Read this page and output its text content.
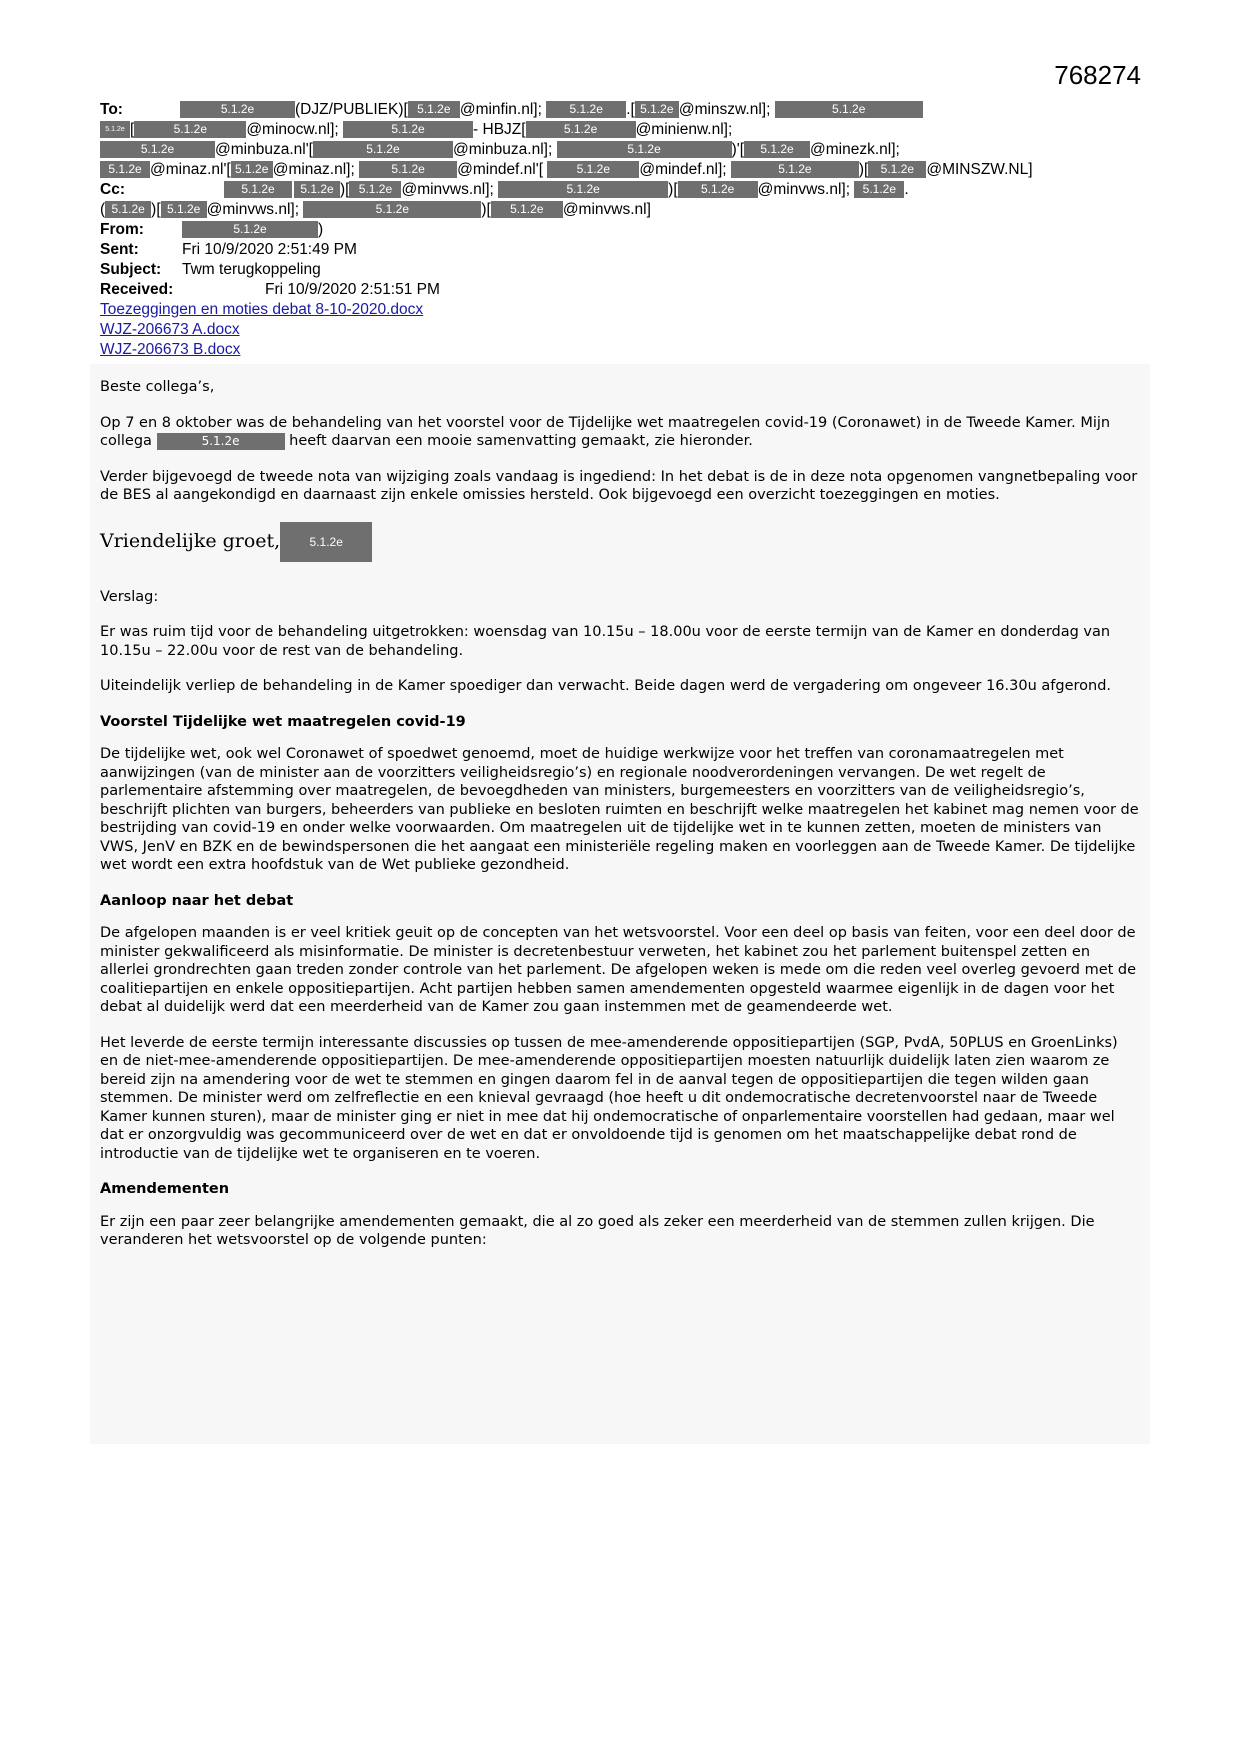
768274
To:	5.1.2e	(DJZ/PUBLIEK)[ 5.1.2e @minfin.nl]; 5.1.2e .[ 5.1.2e @minszw.nl];	5.1.2e
5.1.2e [	5.1.2e	@minocw.nl];	5.1.2e	- HBJZ[	5.1.2e @minienw.nl];
5.1.2e	@minbuza.nl'[	5.1.2e	@minbuza.nl];	5.1.2e	)'[ 5.1.2e @minezk.nl];
5.1.2e @minaz.nl'[ 5.1.2e @minaz.nl];	5.1.2e @mindef.nl'[	5.1.2e @mindef.nl];	5.1.2e	)[ 5.1.2e @MINSZW.NL]
Cc:	5.1.2e 5.1.2e )[ 5.1.2e @minvws.nl];	5.1.2e	)[ 5.1.2e @minvws.nl]; 5.1.2e .
( 5.1.2e )[ 5.1.2e @minvws.nl];	5.1.2e	)[ 5.1.2e @minvws.nl]
From:	5.1.2e	)
Sent:	Fri 10/9/2020 2:51:49 PM
Subject: Twm terugkoppeling
Received:	Fri 10/9/2020 2:51:51 PM
Toezeggingen en moties debat 8-10-2020.docx
WJZ-206673 A.docx
WJZ-206673 B.docx

Beste collega’s,

Op 7 en 8 oktober was de behandeling van het voorstel voor de Tijdelijke wet maatregelen covid-19 (Coronawet) in de Tweede Kamer. Mijn collega	5.1.2e	heeft daarvan een mooie samenvatting gemaakt, zie hieronder.

Verder bijgevoegd de tweede nota van wijziging zoals vandaag is ingediend: In het debat is de in deze nota opgenomen vangnetbepaling voor de BES al aangekondigd en daarnaast zijn enkele omissies hersteld. Ook bijgevoegd een overzicht toezeggingen en moties.

Vriendelijke groet,	5.1.2e

Verslag:

Er was ruim tijd voor de behandeling uitgetrokken: woensdag van 10.15u – 18.00u voor de eerste termijn van de Kamer en donderdag van 10.15u – 22.00u voor de rest van de behandeling.

Uiteindelijk verliep de behandeling in de Kamer spoediger dan verwacht. Beide dagen werd de vergadering om ongeveer 16.30u afgerond.

Voorstel Tijdelijke wet maatregelen covid-19

De tijdelijke wet, ook wel Coronawet of spoedwet genoemd, moet de huidige werkwijze voor het treffen van coronamaatregelen met aanwijzingen (van de minister aan de voorzitters veiligheidsregio’s) en regionale noodverordeningen vervangen. De wet regelt de parlementaire afstemming over maatregelen, de bevoegdheden van ministers, burgemeesters en voorzitters van de veiligheidsregio’s, beschrijft plichten van burgers, beheerders van publieke en besloten ruimten en beschrijft welke maatregelen het kabinet mag nemen voor de bestrijding van covid-19 en onder welke voorwaarden. Om maatregelen uit de tijdelijke wet in te kunnen zetten, moeten de ministers van VWS, JenV en BZK en de bewindspersonen die het aangaat een ministeriële regeling maken en voorleggen aan de Tweede Kamer. De tijdelijke wet wordt een extra hoofdstuk van de Wet publieke gezondheid.

Aanloop naar het debat

De afgelopen maanden is er veel kritiek geuit op de concepten van het wetsvoorstel. Voor een deel op basis van feiten, voor een deel door de minister gekwalificeerd als misinformatie. De minister is decretenbestuur verweten, het kabinet zou het parlement buitenspel zetten en allerlei grondrechten gaan treden zonder controle van het parlement. De afgelopen weken is mede om die reden veel overleg gevoerd met de coalitiepartijen en enkele oppositiepartijen. Acht partijen hebben samen amendementen opgesteld waarmee eigenlijk in de dagen voor het debat al duidelijk werd dat een meerderheid van de Kamer zou gaan instemmen met de geamendeerde wet.

Het leverde de eerste termijn interessante discussies op tussen de mee-amenderende oppositiepartijen (SGP, PvdA, 50PLUS en GroenLinks) en de niet-mee-amenderende oppositiepartijen. De mee-amenderende oppositiepartijen moesten natuurlijk duidelijk laten zien waarom ze bereid zijn na amendering voor de wet te stemmen en gingen daarom fel in de aanval tegen de oppositiepartijen die tegen wilden gaan stemmen. De minister werd om zelfreflectie en een knieval gevraagd (hoe heeft u dit ondemocratische decretenvoorstel naar de Tweede Kamer kunnen sturen), maar de minister ging er niet in mee dat hij ondemocratische of onparlementaire voorstellen had gedaan, maar wel dat er onzorgvuldig was gecommuniceerd over de wet en dat er onvoldoende tijd is genomen om het maatschappelijke debat rond de introductie van de tijdelijke wet te organiseren en te voeren.

Amendementen

Er zijn een paar zeer belangrijke amendementen gemaakt, die al zo goed als zeker een meerderheid van de stemmen zullen krijgen. Die veranderen het wetsvoorstel op de volgende punten:
